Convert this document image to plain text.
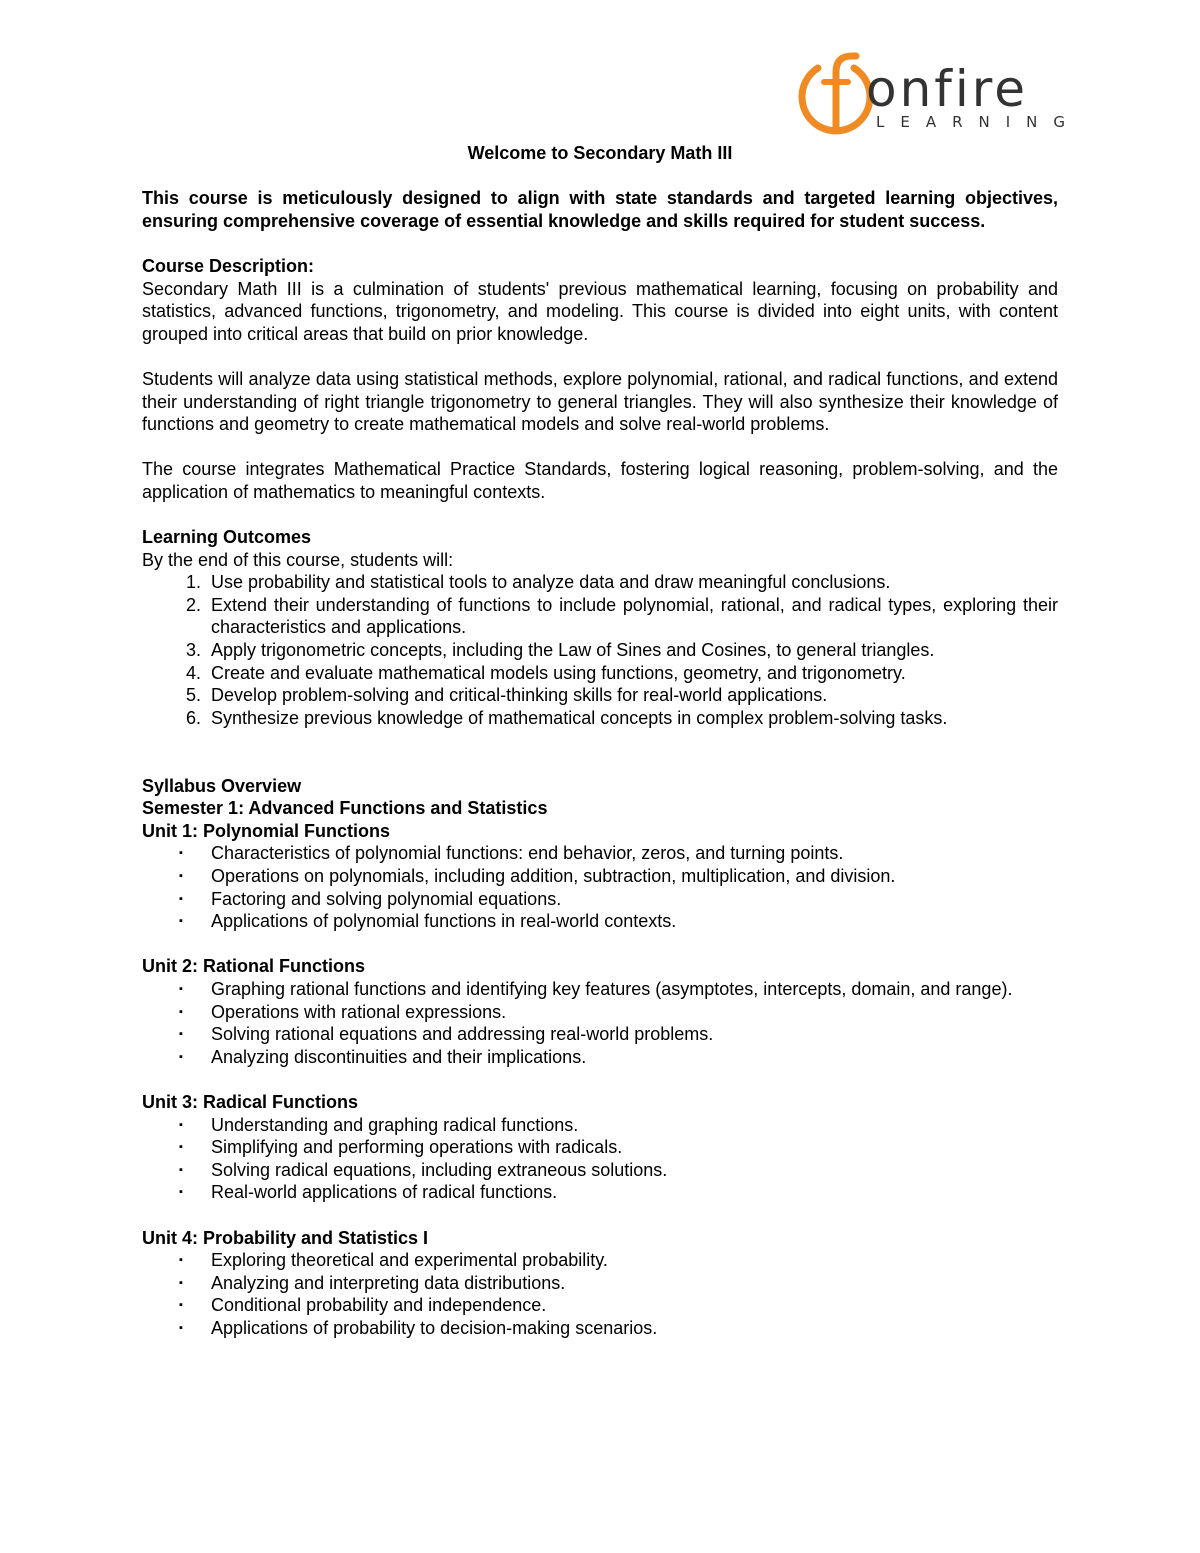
onfire
LEARNING

Welcome to Secondary Math III

This course is meticulously designed to align with state standards and targeted learning objectives, ensuring comprehensive coverage of essential knowledge and skills required for student success.

Course Description:

Secondary Math III is a culmination of students' previous mathematical learning, focusing on probability and statistics, advanced functions, trigonometry, and modeling. This course is divided into eight units, with content grouped into critical areas that build on prior knowledge.

Students will analyze data using statistical methods, explore polynomial, rational, and radical functions, and extend their understanding of right triangle trigonometry to general triangles. They will also synthesize their knowledge of functions and geometry to create mathematical models and solve real-world problems.

The course integrates Mathematical Practice Standards, fostering logical reasoning, problem-solving, and the application of mathematics to meaningful contexts.

Learning Outcomes

By the end of this course, students will:

1. Use probability and statistical tools to analyze data and draw meaningful conclusions.
2. Extend their understanding of functions to include polynomial, rational, and radical types, exploring their characteristics and applications.
3. Apply trigonometric concepts, including the Law of Sines and Cosines, to general triangles.
4. Create and evaluate mathematical models using functions, geometry, and trigonometry.
5. Develop problem-solving and critical-thinking skills for real-world applications.
6. Synthesize previous knowledge of mathematical concepts in complex problem-solving tasks.

Syllabus Overview

Semester 1: Advanced Functions and Statistics

Unit 1: Polynomial Functions

▪ Characteristics of polynomial functions: end behavior, zeros, and turning points.
▪ Operations on polynomials, including addition, subtraction, multiplication, and division.
▪ Factoring and solving polynomial equations.
▪ Applications of polynomial functions in real-world contexts.

Unit 2: Rational Functions

▪ Graphing rational functions and identifying key features (asymptotes, intercepts, domain, and range).
▪ Operations with rational expressions.
▪ Solving rational equations and addressing real-world problems.
▪ Analyzing discontinuities and their implications.

Unit 3: Radical Functions

▪ Understanding and graphing radical functions.
▪ Simplifying and performing operations with radicals.
▪ Solving radical equations, including extraneous solutions.
▪ Real-world applications of radical functions.

Unit 4: Probability and Statistics I

▪ Exploring theoretical and experimental probability.
▪ Analyzing and interpreting data distributions.
▪ Conditional probability and independence.
▪ Applications of probability to decision-making scenarios.
